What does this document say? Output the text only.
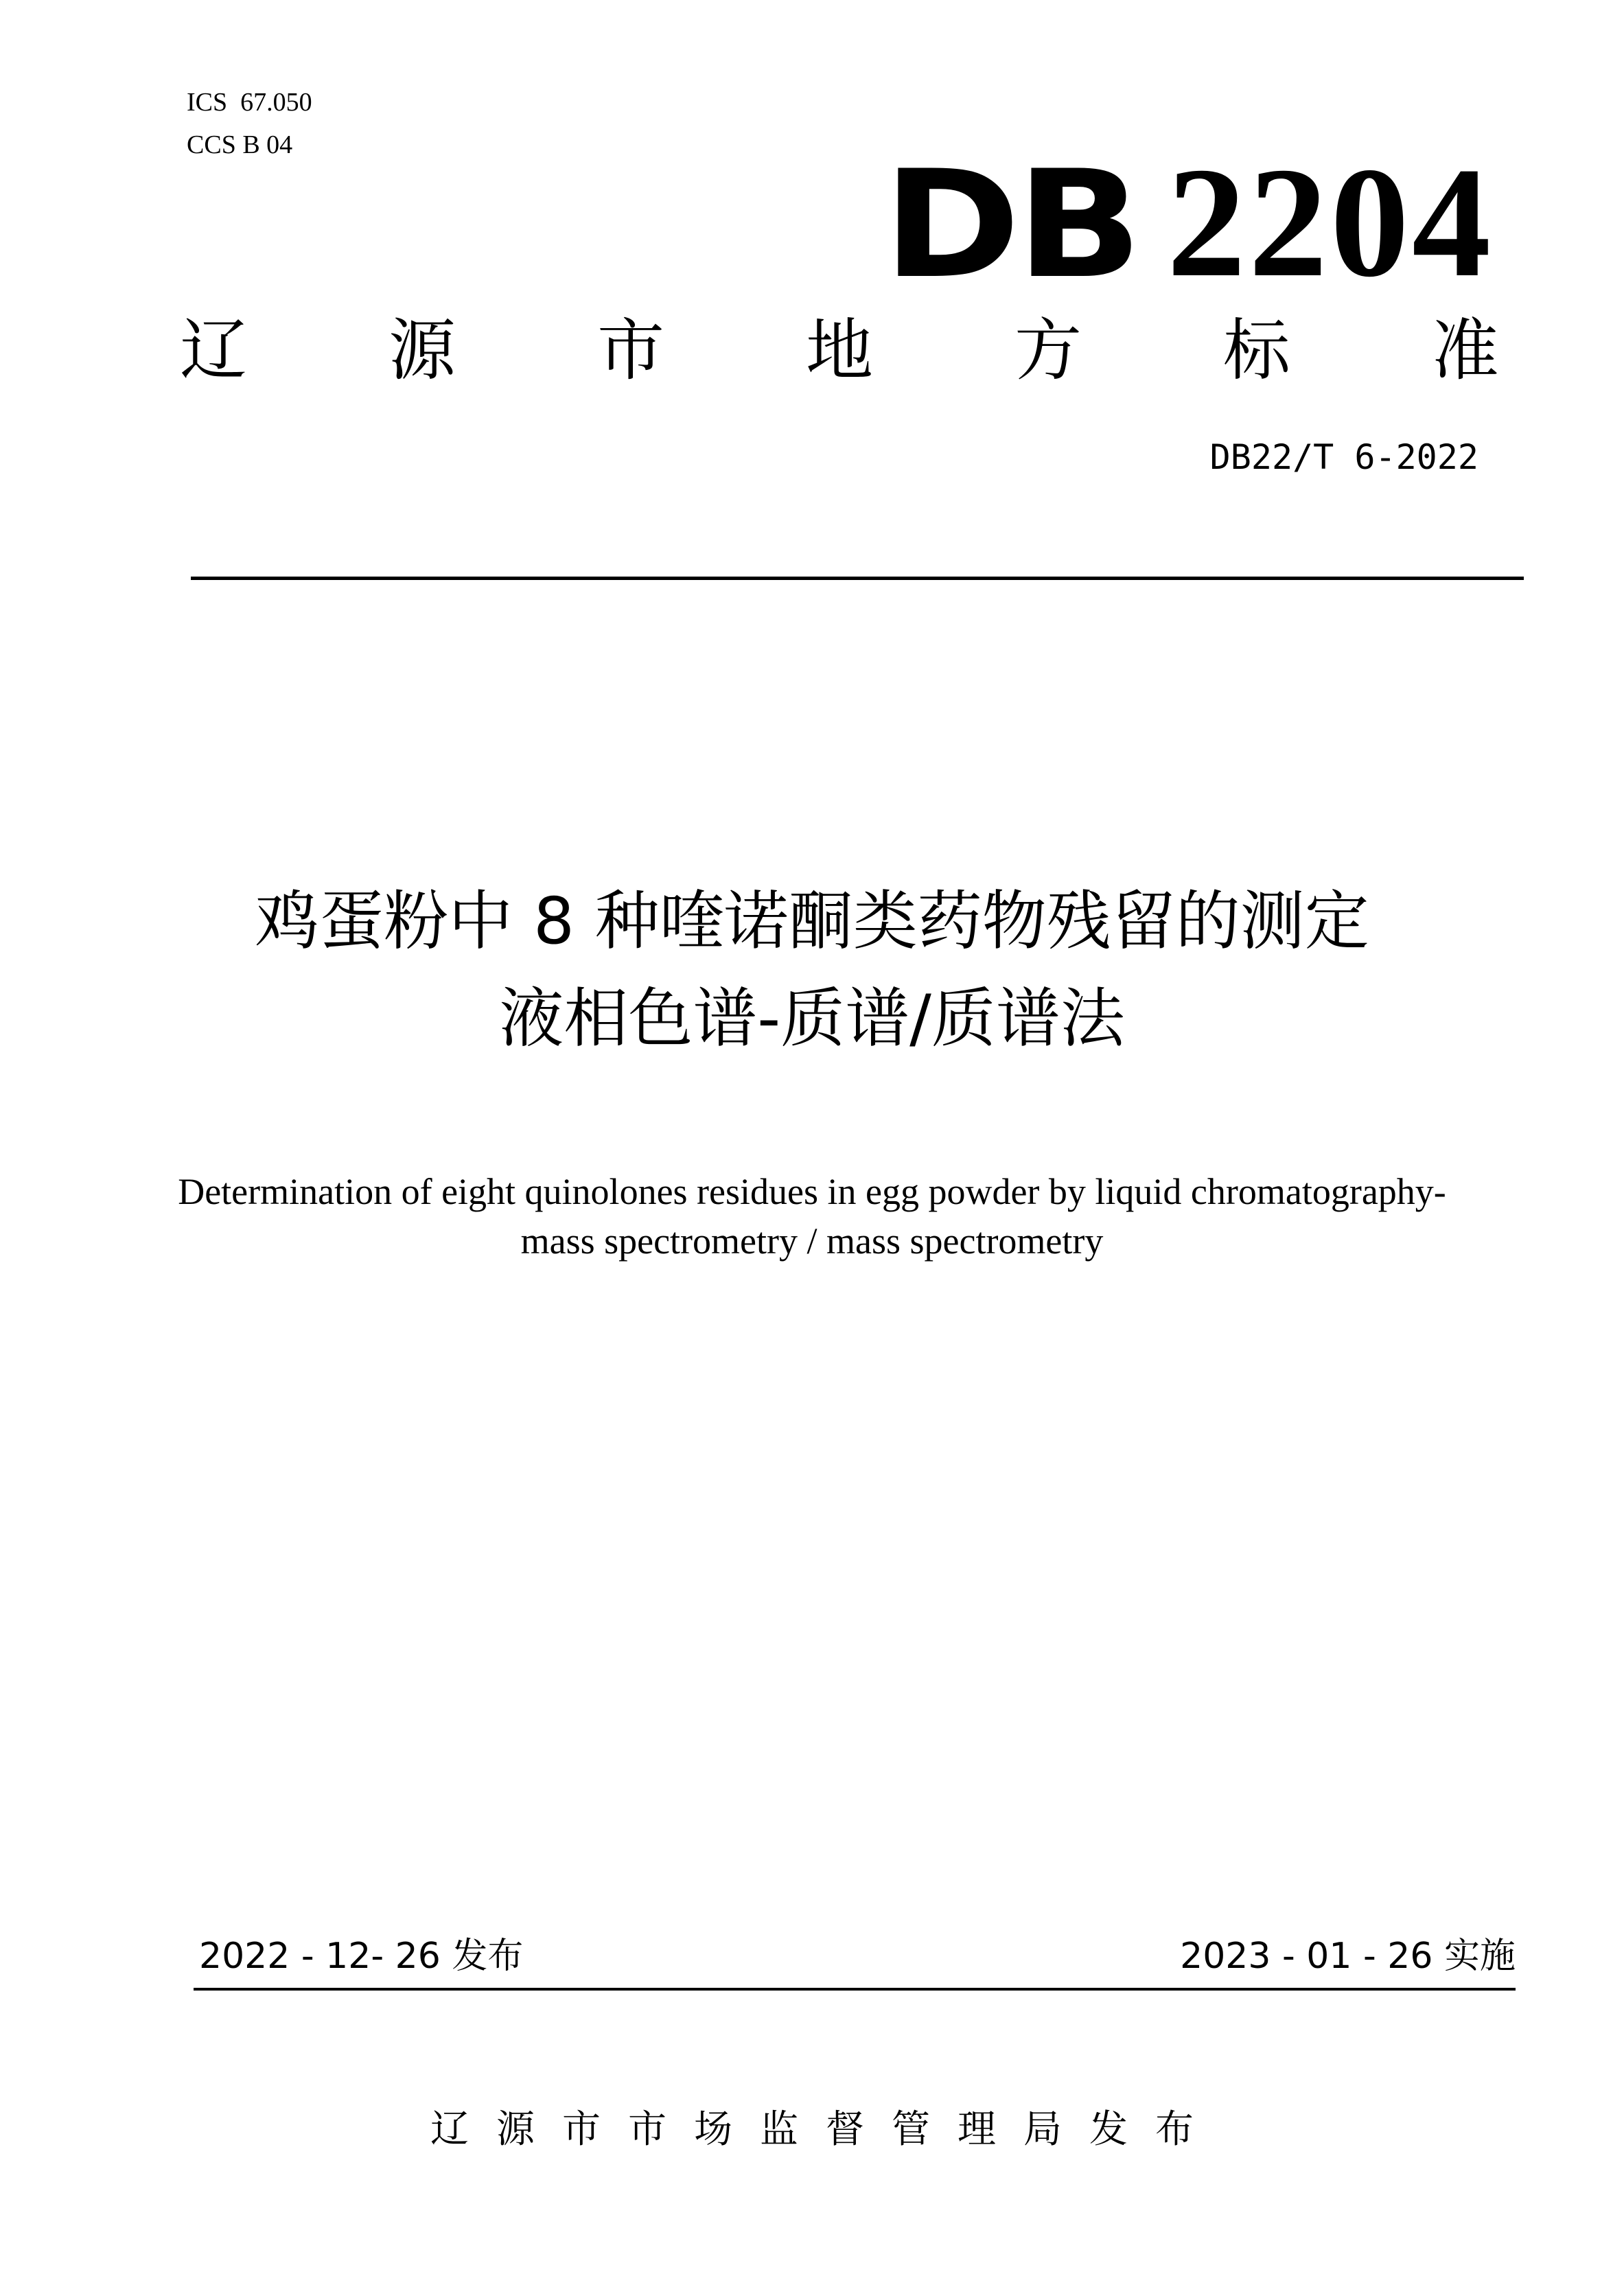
ICS  67.050
CCS B 04	DB 2204
辽 源 市 地 方 标 准
DB22/T 6-2022
鸡蛋粉中 8 种喹诺酮类药物残留的测定
液相色谱-质谱/质谱法
Determination of eight quinolones residues in egg powder by liquid chromatography-
mass spectrometry / mass spectrometry
2022 - 12- 26 发布	2023 - 01 - 26 实施
辽源市市场监督管理局发布
